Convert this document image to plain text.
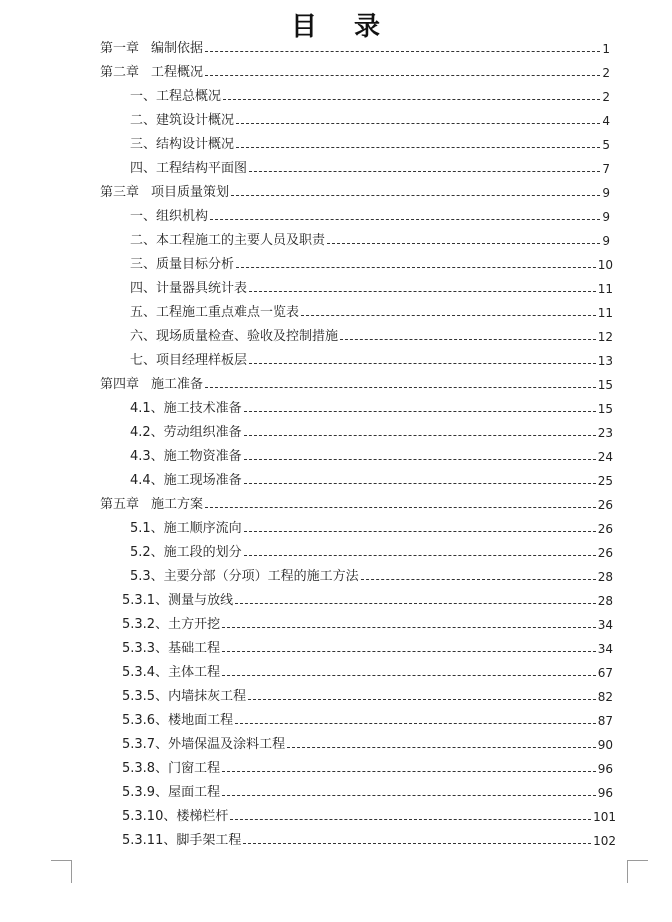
目 录
第一章 编制依据	1
第二章 工程概况	2
一、工程总概况	2
二、建筑设计概况	4
三、结构设计概况	5
四、工程结构平面图	7
第三章 项目质量策划	9
一、组织机构	9
二、本工程施工的主要人员及职责	9
三、质量目标分析	10
四、计量器具统计表	11
五、工程施工重点难点一览表	11
六、现场质量检查、验收及控制措施	12
七、项目经理样板层	13
第四章 施工准备	15
4.1、施工技术准备	15
4.2、劳动组织准备	23
4.3、施工物资准备	24
4.4、施工现场准备	25
第五章 施工方案	26
5.1、施工顺序流向	26
5.2、施工段的划分	26
5.3、主要分部（分项）工程的施工方法	28
5.3.1、测量与放线	28
5.3.2、土方开挖	34
5.3.3、基础工程	34
5.3.4、主体工程	67
5.3.5、内墙抹灰工程	82
5.3.6、楼地面工程	87
5.3.7、外墙保温及涂料工程	90
5.3.8、门窗工程	96
5.3.9、屋面工程	96
5.3.10、楼梯栏杆	101
5.3.11、脚手架工程	102
